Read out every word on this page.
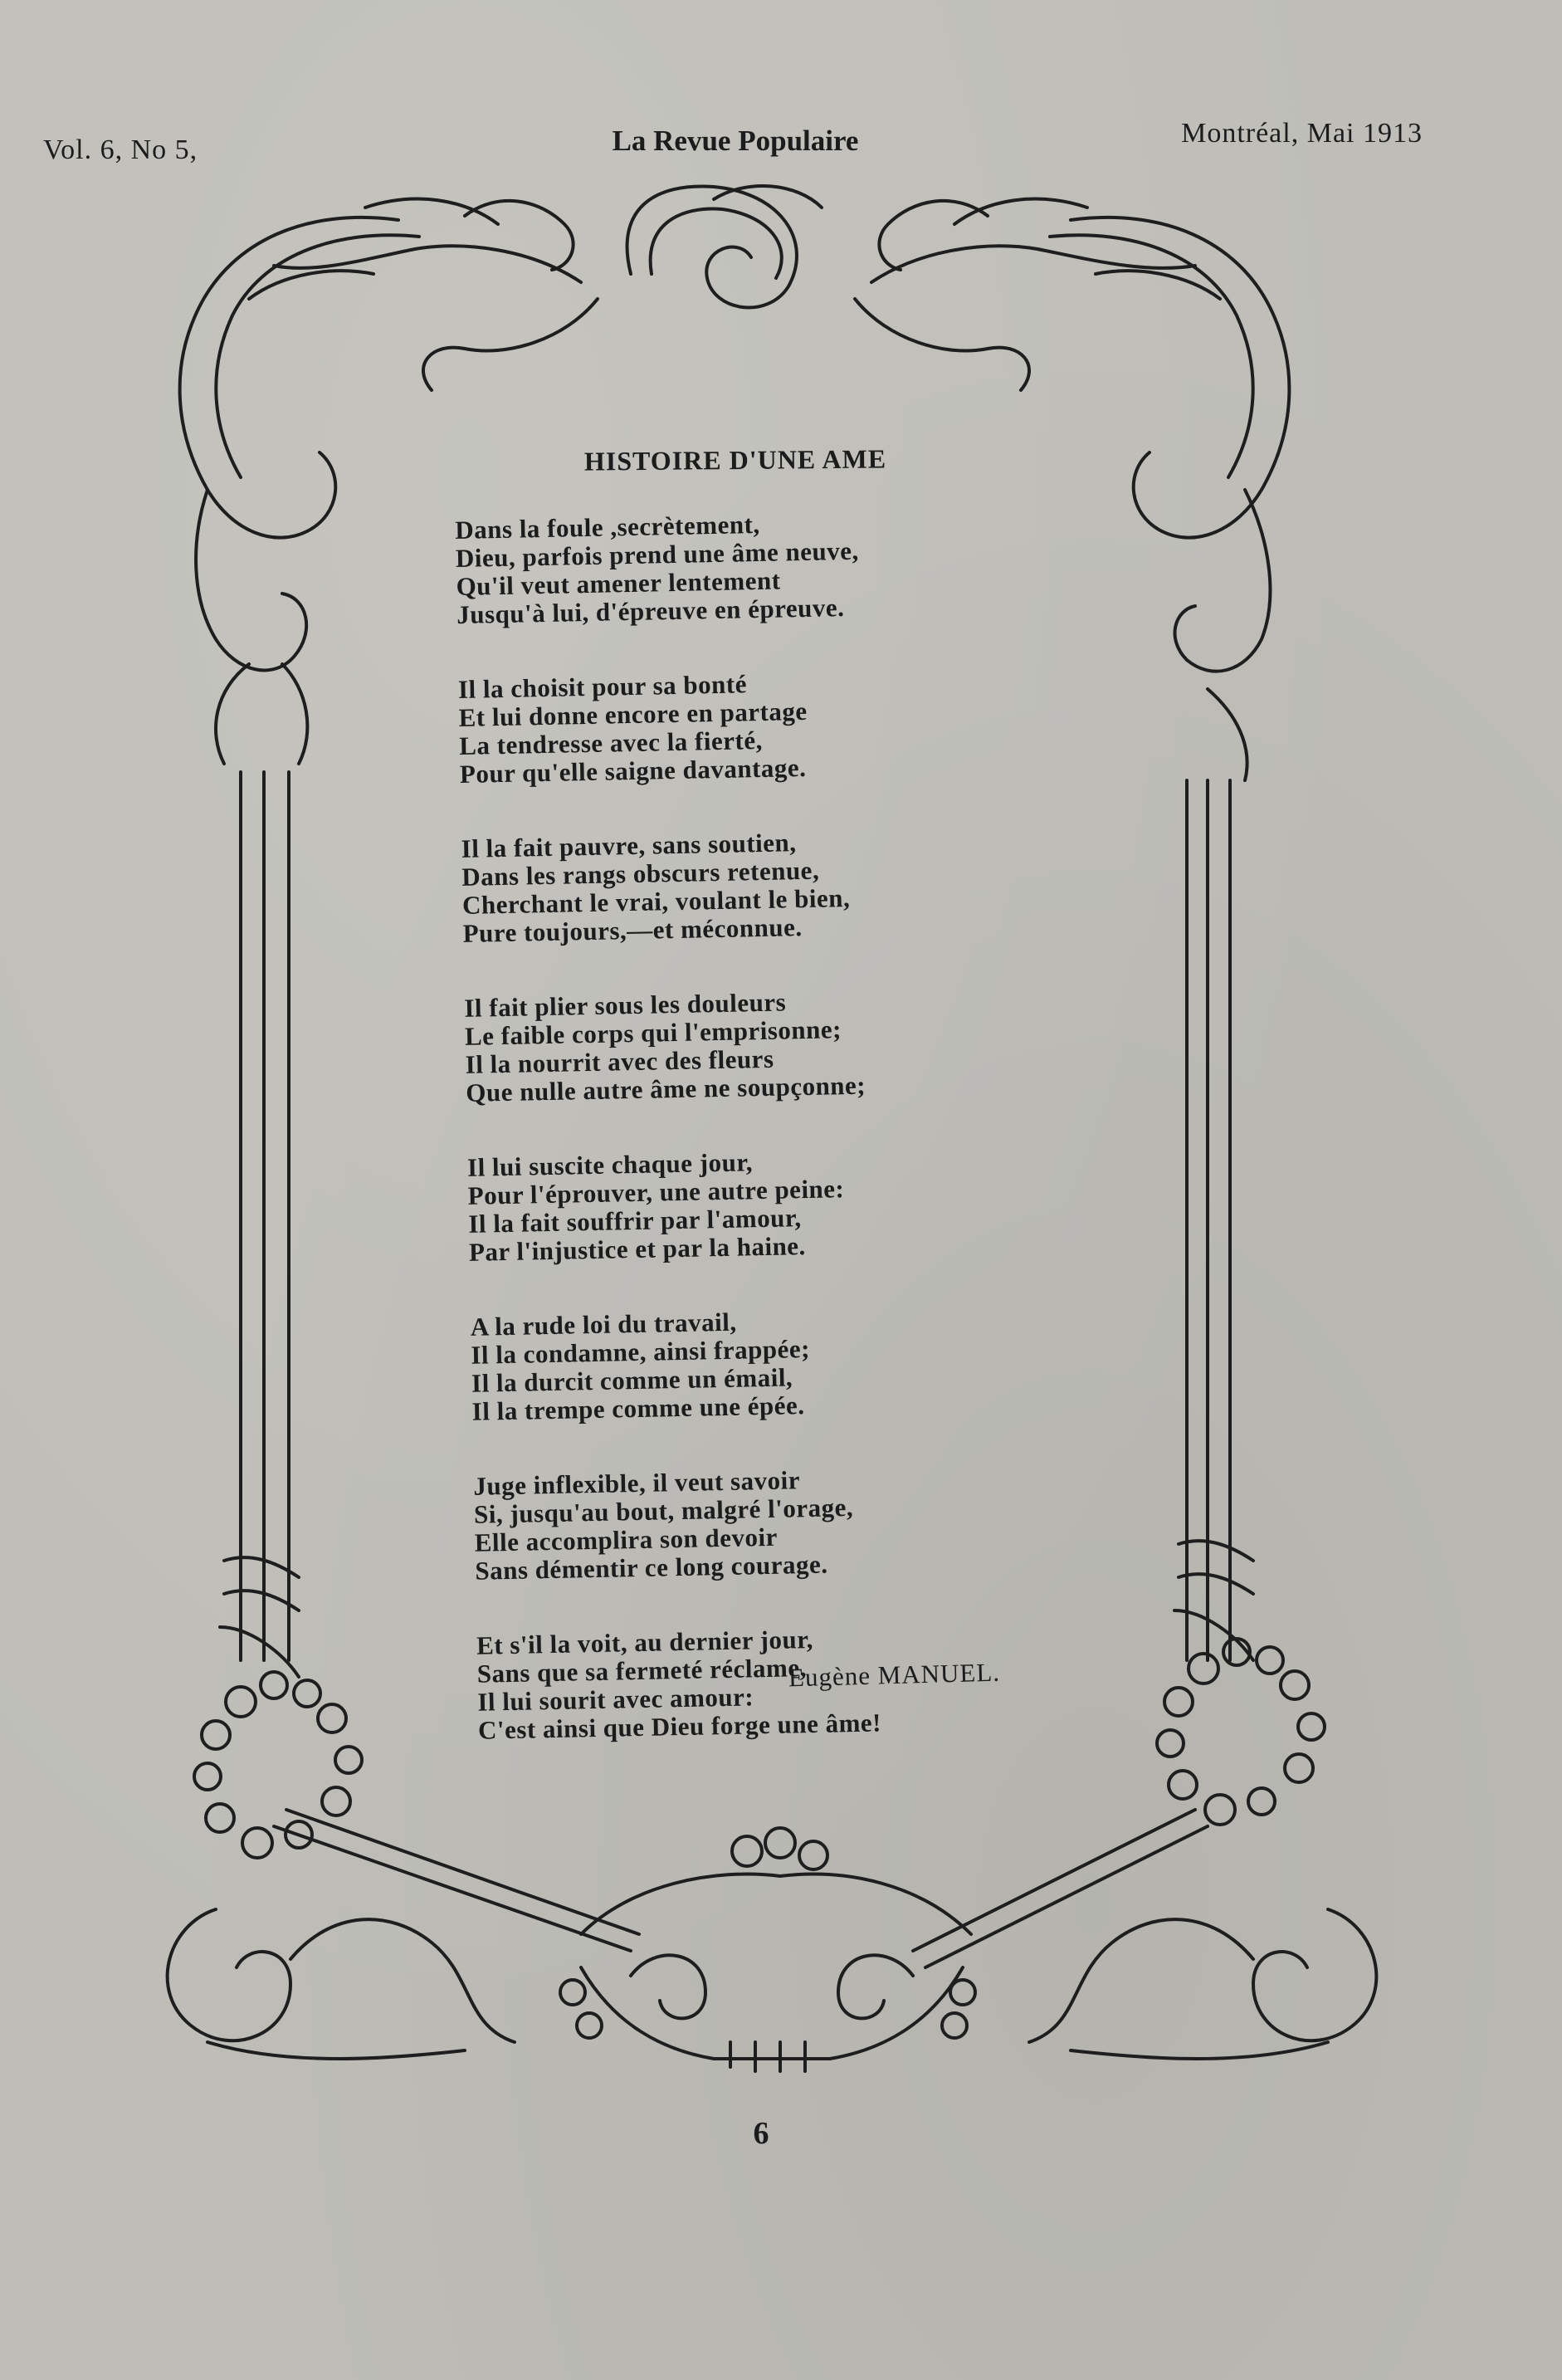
Vol. 6, No 5,	La Revue Populaire	Montréal, Mai 1913
HISTOIRE D'UNE AME
Dans la foule ,secrètement,
Dieu, parfois prend une âme neuve,
Qu'il veut amener lentement
Jusqu'à lui, d'épreuve en épreuve.
Il la choisit pour sa bonté
Et lui donne encore en partage
La tendresse avec la fierté,
Pour qu'elle saigne davantage.
Il la fait pauvre, sans soutien,
Dans les rangs obscurs retenue,
Cherchant le vrai, voulant le bien,
Pure toujours,—et méconnue.
Il fait plier sous les douleurs
Le faible corps qui l'emprisonne;
Il la nourrit avec des fleurs
Que nulle autre âme ne soupçonne;
Il lui suscite chaque jour,
Pour l'éprouver, une autre peine:
Il la fait souffrir par l'amour,
Par l'injustice et par la haine.
A la rude loi du travail,
Il la condamne, ainsi frappée;
Il la durcit comme un émail,
Il la trempe comme une épée.
Juge inflexible, il veut savoir
Si, jusqu'au bout, malgré l'orage,
Elle accomplira son devoir
Sans démentir ce long courage.
Et s'il la voit, au dernier jour,
Sans que sa fermeté réclame,
Il lui sourit avec amour:
C'est ainsi que Dieu forge une âme!
Eugène MANUEL.
6
